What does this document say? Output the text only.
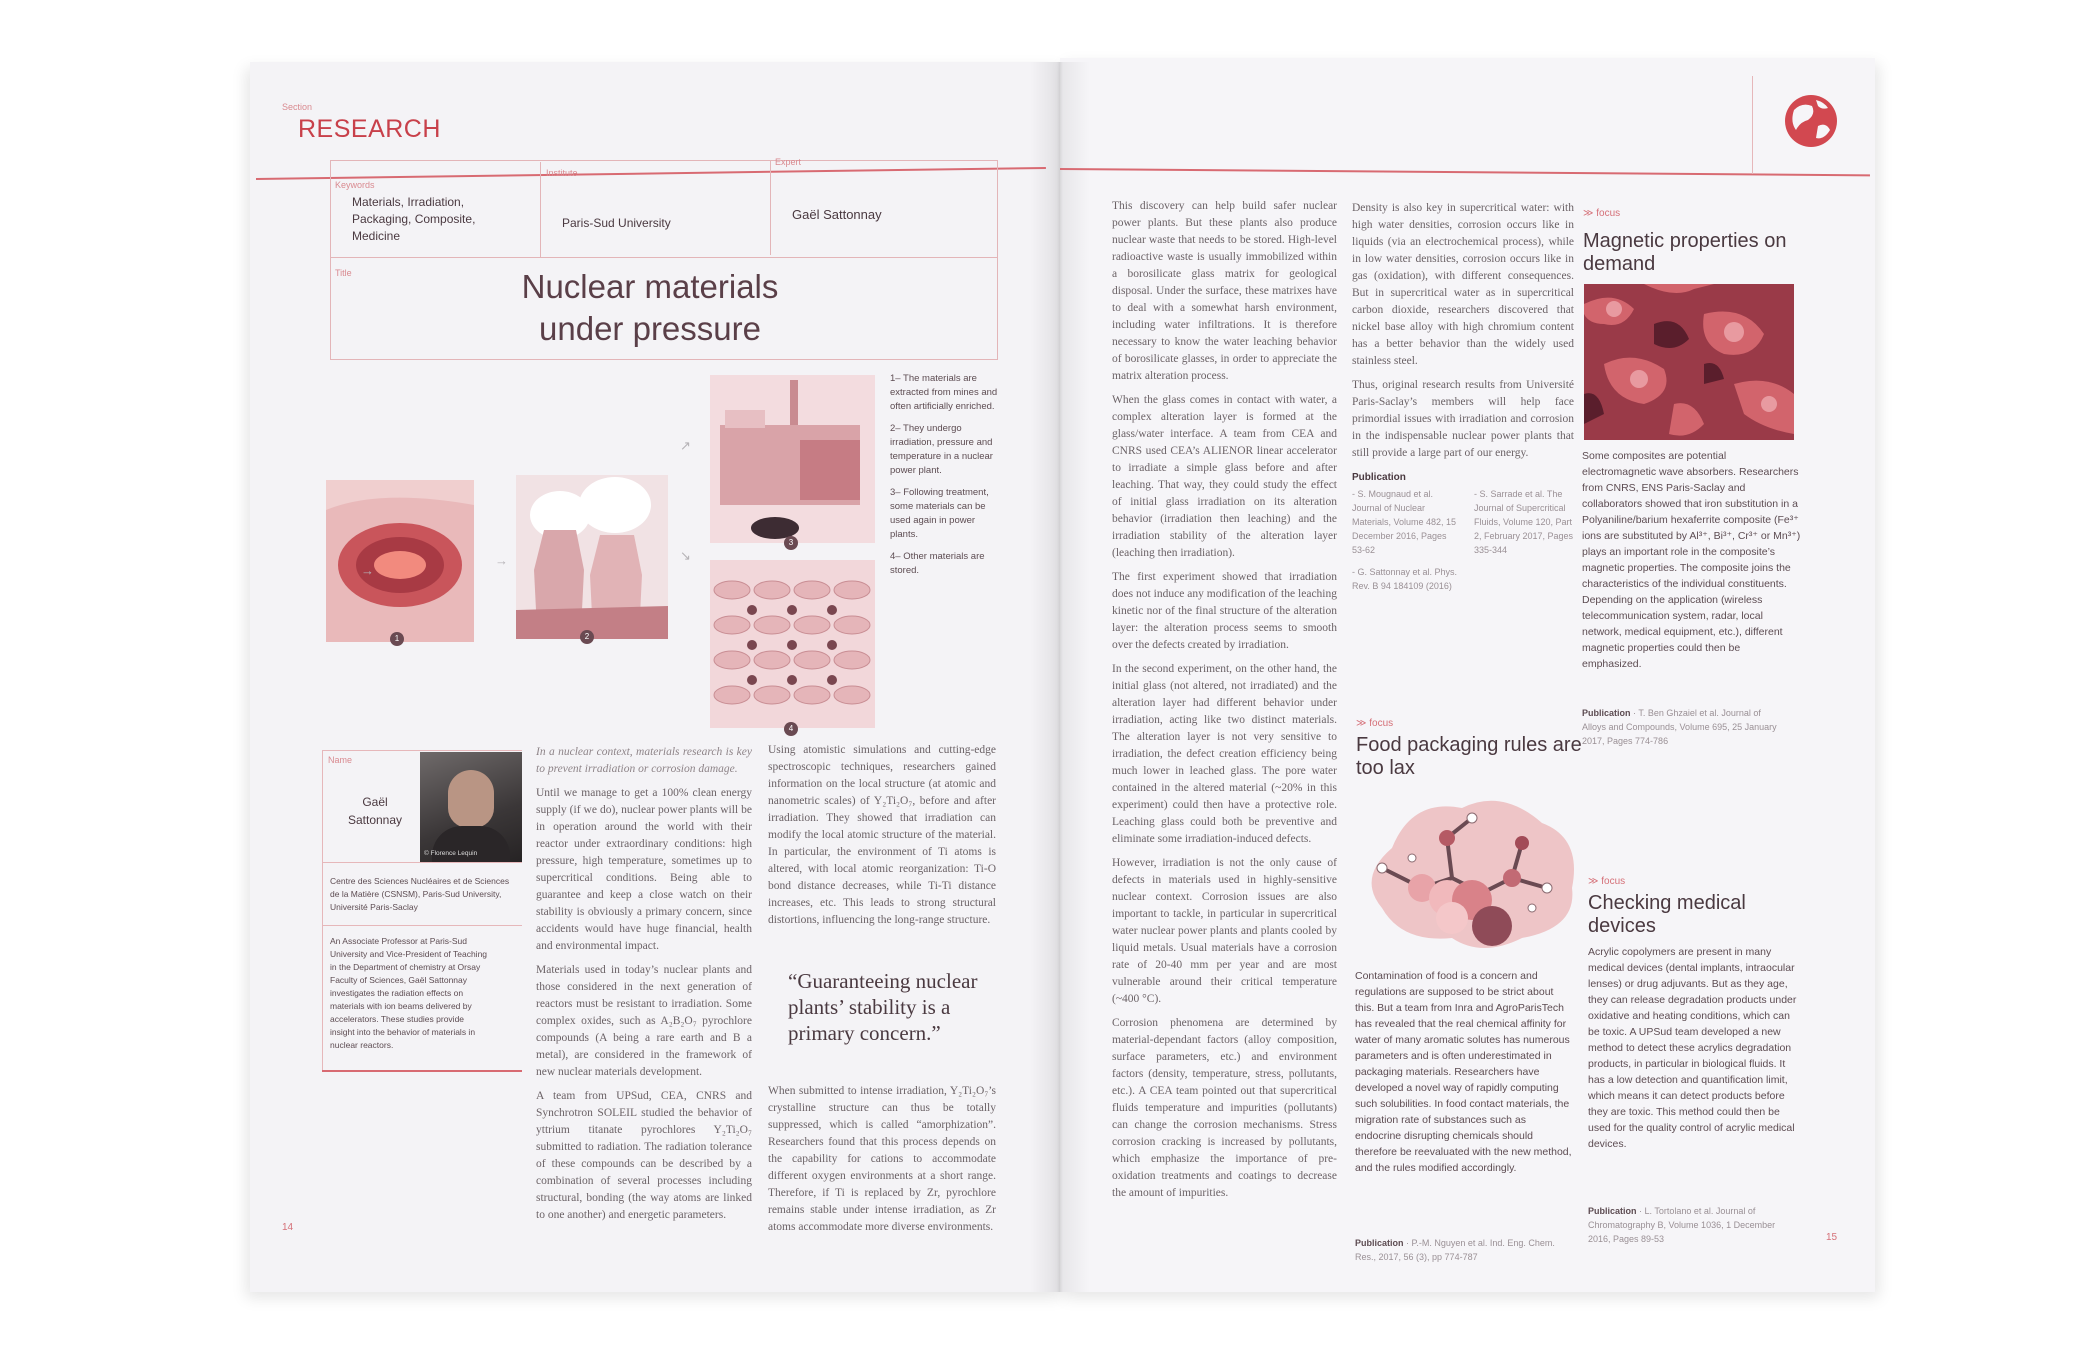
Section
RESEARCH
Keywords
Materials, Irradiation, Packaging, Composite, Medicine
Institute
Paris-Sud University
Expert
Gaël Sattonnay
Title	Nuclear materials
under pressure
→
→
↗
↘
1	2
3
4
1– The materials are extracted from mines and often artificially enriched.
2– They undergo irradiation, pressure and temperature in a nuclear power plant.
3– Following treatment, some materials can be used again in power plants.
4– Other materials are stored.
Name
Gaël
Sattonnay
© Florence Lequin
Centre des Sciences Nucléaires et de Sciences de la Matière (CSNSM), Paris-Sud University, Université Paris-Saclay
An Associate Professor at Paris-Sud University and Vice-President of Teaching in the Department of chemistry at Orsay Faculty of Sciences, Gaël Sattonnay investigates the radiation effects on materials with ion beams delivered by accelerators. These studies provide insight into the behavior of materials in nuclear reactors.

In a nuclear context, materials research is key to prevent irradiation or corrosion damage.

Until we manage to get a 100% clean energy supply (if we do), nuclear power plants will be in operation around the world with their reactor under extraordinary conditions: high pressure, high temperature, sometimes up to supercritical conditions. Being able to guarantee and keep a close watch on their stability is obviously a primary concern, since accidents would have huge financial, health and environmental impact.

Materials used in today’s nuclear plants and those considered in the next generation of reactors must be resistant to irradiation. Some complex oxides, such as A₂B₂O₇ pyrochlore compounds (A being a rare earth and B a metal), are considered in the framework of new nuclear materials development.

A team from UPSud, CEA, CNRS and Synchrotron SOLEIL studied the behavior of yttrium titanate pyrochlores Y₂Ti₂O₇ submitted to radiation. The radiation tolerance of these compounds can be described by a combination of several processes including structural, bonding (the way atoms are linked to one another) and energetic parameters.

Using atomistic simulations and cutting-edge spectroscopic techniques, researchers gained information on the local structure (at atomic and nanometric scales) of Y₂Ti₂O₇, before and after irradiation. They showed that irradiation can modify the local atomic structure of the material. In particular, the environment of Ti atoms is altered, with local atomic reorganization: Ti-O bond distance decreases, while Ti-Ti distance increases, etc. This leads to strong structural distortions, influencing the long-range structure.

“Guaranteeing nuclear plants’ stability is a primary concern.”

When submitted to intense irradiation, Y₂Ti₂O₇’s crystalline structure can thus be totally suppressed, which is called “amorphization”. Researchers found that this process depends on the capability for cations to accommodate different oxygen environments at a short range. Therefore, if Ti is replaced by Zr, pyrochlore remains stable under intense irradiation, as Zr atoms accommodate more diverse environments.

14

This discovery can help build safer nuclear power plants. But these plants also produce nuclear waste that needs to be stored. High-level radioactive waste is usually immobilized within a borosilicate glass matrix for geological disposal. Under the surface, these matrixes have to deal with a somewhat harsh environment, including water infiltrations. It is therefore necessary to know the water leaching behavior of borosilicate glasses, in order to appreciate the matrix alteration process.

When the glass comes in contact with water, a complex alteration layer is formed at the glass/water interface. A team from CEA and CNRS used CEA’s ALIENOR linear accelerator to irradiate a simple glass before and after leaching. That way, they could study the effect of initial glass irradiation on its alteration behavior (irradiation then leaching) and the irradiation stability of the alteration layer (leaching then irradiation).

The first experiment showed that irradiation does not induce any modification of the leaching kinetic nor of the final structure of the alteration layer: the alteration process seems to smooth over the defects created by irradiation.

In the second experiment, on the other hand, the initial glass (not altered, not irradiated) and the alteration layer had different behavior under irradiation, acting like two distinct materials. The alteration layer is not very sensitive to irradiation, the defect creation efficiency being much lower in leached glass. The pore water contained in the altered material (~20% in this experiment) could then have a protective role. Leaching glass could both be preventive and eliminate some irradiation-induced defects.

However, irradiation is not the only cause of defects in materials used in highly-sensitive nuclear context. Corrosion issues are also important to tackle, in particular in supercritical water nuclear power plants and plants cooled by liquid metals. Usual materials have a corrosion rate of 20-40 mm per year and are most vulnerable around their critical temperature (~400 °C).

Corrosion phenomena are determined by material-dependant factors (alloy composition, surface parameters, etc.) and environment factors (density, temperature, stress, pollutants, etc.). A CEA team pointed out that supercritical fluids temperature and impurities (pollutants) can change the corrosion mechanisms. Stress corrosion cracking is increased by pollutants, which emphasize the importance of pre-oxidation treatments and coatings to decrease the amount of impurities.

Density is also key in supercritical water: with high water densities, corrosion occurs like in liquids (via an electrochemical process), while in low water densities, corrosion occurs like in gas (oxidation), with different consequences. But in supercritical water as in supercritical carbon dioxide, researchers discovered that nickel base alloy with high chromium content has a better behavior than the widely used stainless steel.

Thus, original research results from Université Paris-Saclay’s members will help face primordial issues with irradiation and corrosion in the indispensable nuclear power plants that still provide a large part of our energy.

Publication
- S. Mougnaud et al. Journal of Nuclear Materials, Volume 482, 15 December 2016, Pages 53-62
- G. Sattonnay et al. Phys. Rev. B 94 184109 (2016)
- S. Sarrade et al. The Journal of Supercritical Fluids, Volume 120, Part 2, February 2017, Pages 335-344
≫ focus
Food packaging rules are too lax
Contamination of food is a concern and regulations are supposed to be strict about this. But a team from Inra and AgroParisTech has revealed that the real chemical affinity for water of many aromatic solutes has numerous parameters and is often underestimated in packaging materials. Researchers have developed a novel way of rapidly computing such solubilities. In food contact materials, the migration rate of substances such as endocrine disrupting chemicals should therefore be reevaluated with the new method, and the rules modified accordingly.
Publication · P.-M. Nguyen et al. Ind. Eng. Chem. Res., 2017, 56 (3), pp 774-787
≫ focus
Magnetic properties on demand
Some composites are potential electromagnetic wave absorbers. Researchers from CNRS, ENS Paris-Saclay and collaborators showed that iron substitution in a Polyaniline/barium hexaferrite composite (Fe³⁺ ions are substituted by Al³⁺, Bi³⁺, Cr³⁺ or Mn³⁺) plays an important role in the composite’s magnetic properties. The composite joins the characteristics of the individual constituents. Depending on the application (wireless telecommunication system, radar, local network, medical equipment, etc.), different magnetic properties could then be emphasized.
Publication · T. Ben Ghzaiel et al. Journal of Alloys and Compounds, Volume 695, 25 January 2017, Pages 774-786
≫ focus
Checking medical devices
Acrylic copolymers are present in many medical devices (dental implants, intraocular lenses) or drug adjuvants. But as they age, they can release degradation products under oxidative and heating conditions, which can be toxic. A UPSud team developed a new method to detect these acrylics degradation products, in particular in biological fluids. It has a low detection and quantification limit, which means it can detect products before they are toxic. This method could then be used for the quality control of acrylic medical devices.
Publication · L. Tortolano et al. Journal of Chromatography B, Volume 1036, 1 December 2016, Pages 89-53	15
